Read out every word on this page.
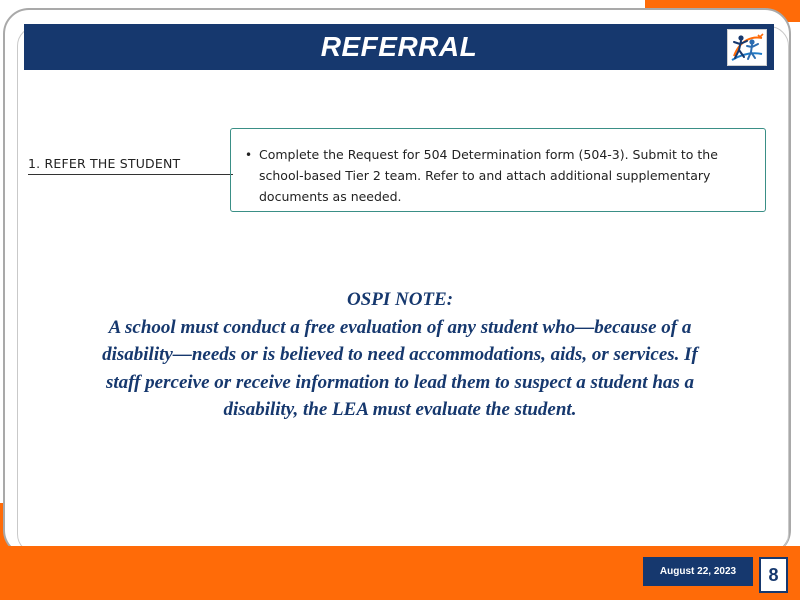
REFERRAL
1. REFER THE STUDENT
• Complete the Request for 504 Determination form (504-3). Submit to the school-based Tier 2 team. Refer to and attach additional supplementary documents as needed.
OSPI NOTE:
A school must conduct a free evaluation of any student who—because of a disability—needs or is believed to need accommodations, aids, or services. If staff perceive or receive information to lead them to suspect a student has a disability, the LEA must evaluate the student.
August 22, 2023	8
